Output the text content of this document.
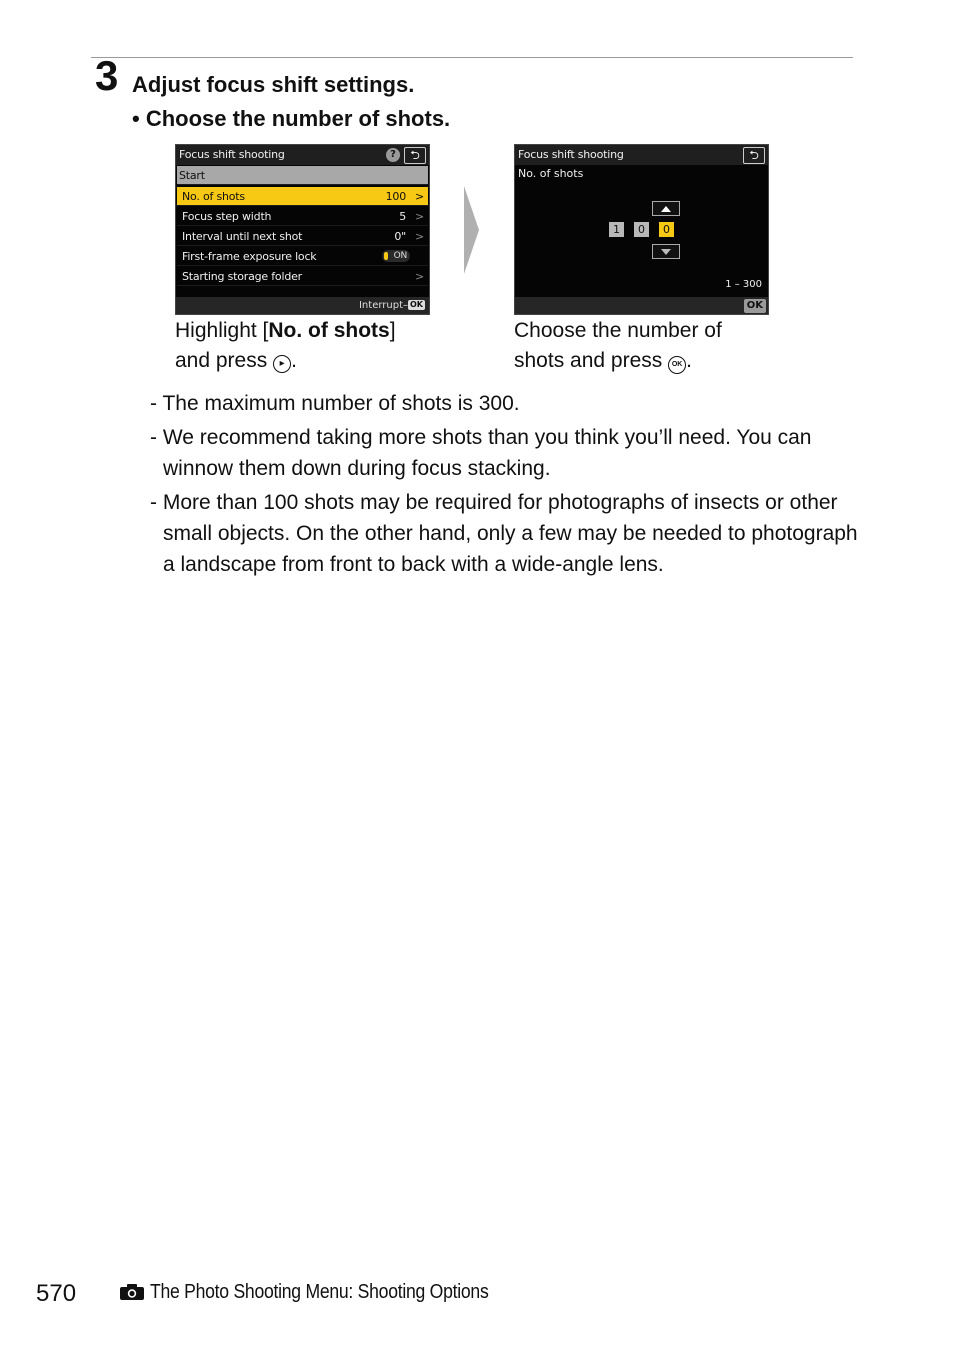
3 Adjust focus shift settings.
• Choose the number of shots.
Focus shift shooting	?	⮌
Start
No. of shots	100 >
Focus step width	5 >
Interval until next shot	0" >
First-frame exposure lock	ON
Starting storage folder	>
Interrupt– OK
Focus shift shooting	⮌
No. of shots
1	0	0
1 – 300
OK
Highlight [No. of shots]
and press ▸ .
Choose the number of
shots and press OK .
- The maximum number of shots is 300.
- We recommend taking more shots than you think you’ll need. You can winnow them down during focus stacking.
- More than 100 shots may be required for photographs of insects or other small objects. On the other hand, only a few may be needed to photograph a landscape from front to back with a wide-angle lens.
570	The Photo Shooting Menu: Shooting Options
